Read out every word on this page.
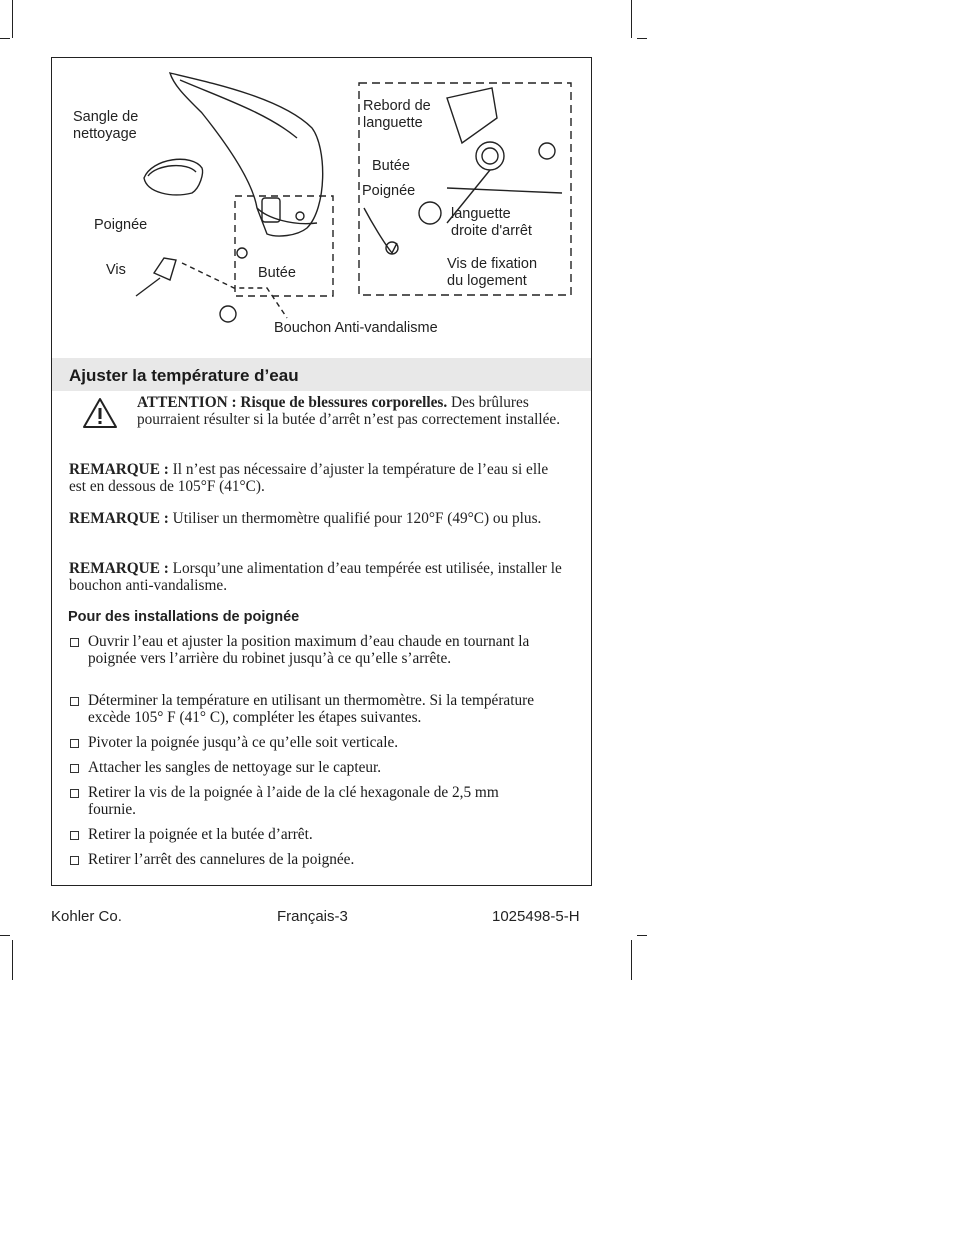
Sangle de
nettoyage
Poignée
Vis	Butée
Bouchon Anti-vandalisme
Rebord de
languette
Butée
Poignée
languette
droite d'arrêt
Vis de fixation
du logement
Ajuster la température d’eau
ATTENTION : Risque de blessures corporelles. Des brûlures pourraient résulter si la butée d’arrêt n’est pas correctement installée.
REMARQUE : Il n’est pas nécessaire d’ajuster la température de l’eau si elle est en dessous de 105°F (41°C).
REMARQUE : Utiliser un thermomètre qualifié pour 120°F (49°C) ou plus.
REMARQUE : Lorsqu’une alimentation d’eau tempérée est utilisée, installer le bouchon anti-vandalisme.
Pour des installations de poignée
Ouvrir l’eau et ajuster la position maximum d’eau chaude en tournant la poignée vers l’arrière du robinet jusqu’à ce qu’elle s’arrête.
Déterminer la température en utilisant un thermomètre. Si la température excède 105° F (41° C), compléter les étapes suivantes.
Pivoter la poignée jusqu’à ce qu’elle soit verticale.
Attacher les sangles de nettoyage sur le capteur.
Retirer la vis de la poignée à l’aide de la clé hexagonale de 2,5 mm fournie.
Retirer la poignée et la butée d’arrêt.
Retirer l’arrêt des cannelures de la poignée.
Kohler Co.	Français-3	1025498-5-H
